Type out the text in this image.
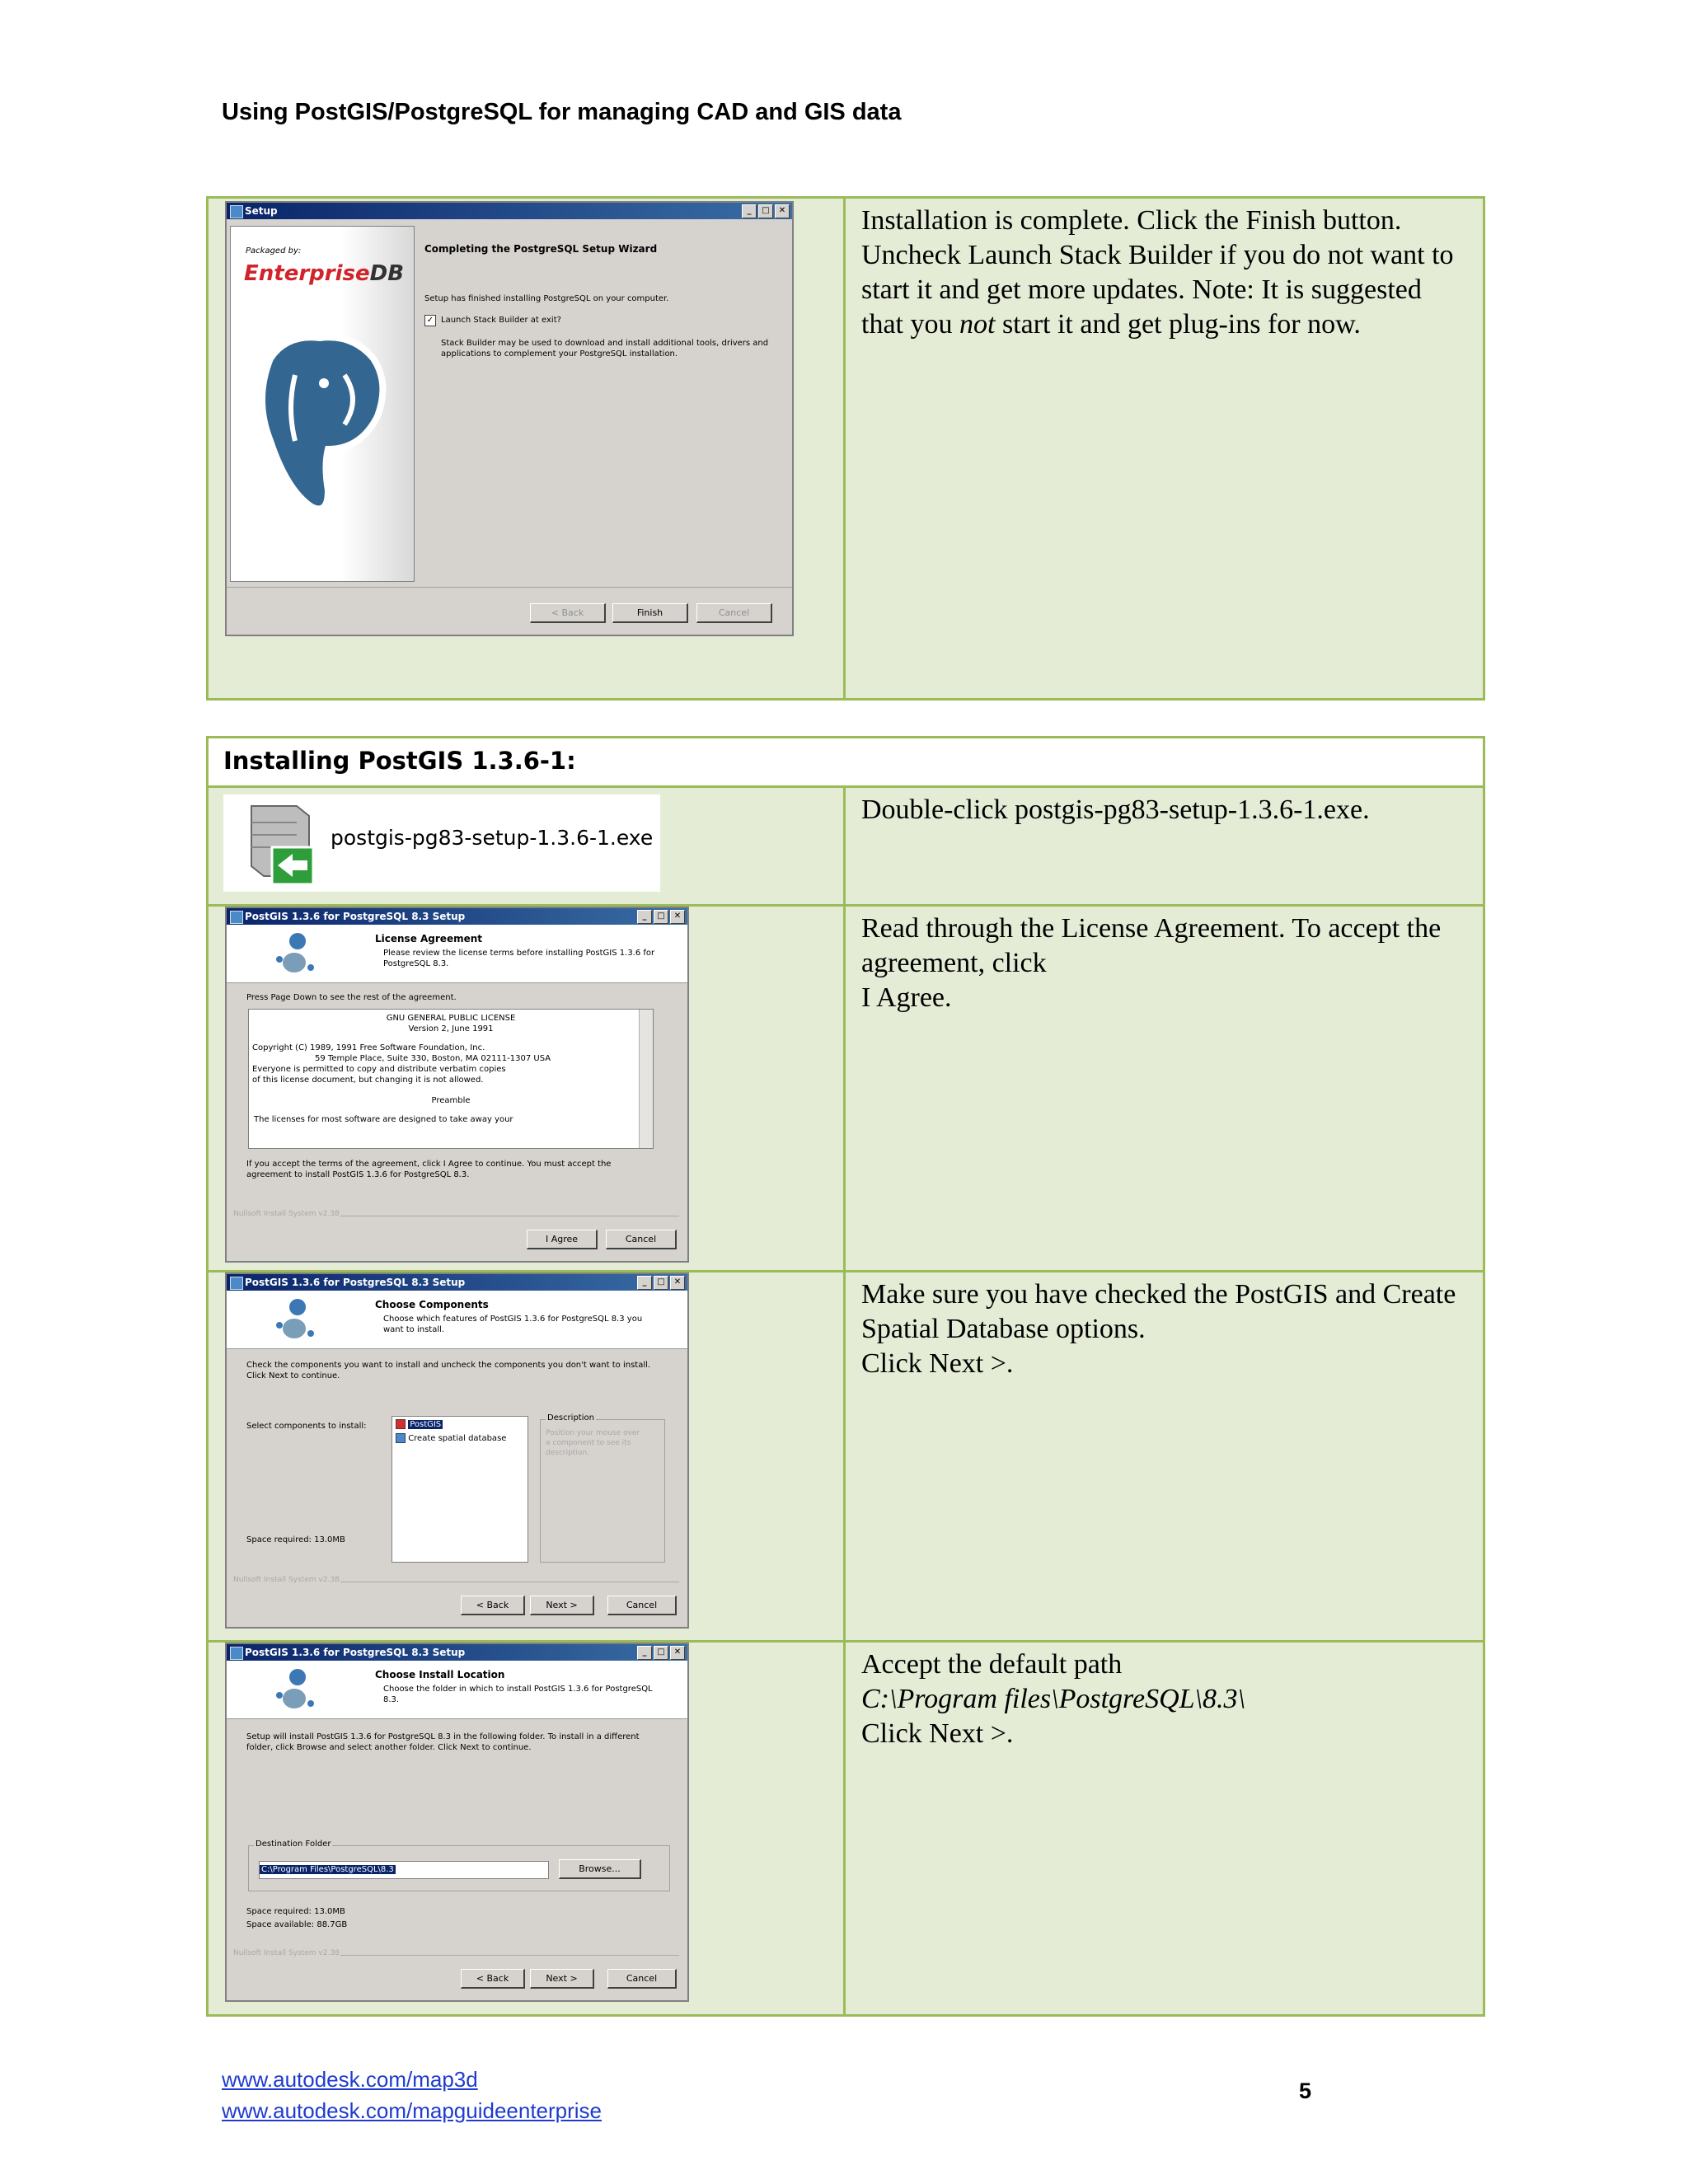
Using PostGIS/PostgreSQL for managing CAD and GIS data
Setup	_	□	✕
Packaged by:
EnterpriseDB
Completing the PostgreSQL Setup Wizard
Setup has finished installing PostgreSQL on your computer.
✓ Launch Stack Builder at exit?
Stack Builder may be used to download and install additional tools, drivers and applications to complement your PostgreSQL installation.
< Back	Finish	Cancel
Installation is complete. Click the Finish button. Uncheck Launch Stack Builder if you do not want to start it and get more updates. Note: It is suggested that you not start it and get plug-ins for now.
Installing PostGIS 1.3.6-1:
postgis-pg83-setup-1.3.6-1.exe
Double-click postgis-pg83-setup-1.3.6-1.exe.
PostGIS 1.3.6 for PostgreSQL 8.3 Setup	_	□	✕
License Agreement
Please review the license terms before installing PostGIS 1.3.6 for PostgreSQL 8.3.
Press Page Down to see the rest of the agreement.
GNU GENERAL PUBLIC LICENSE
Version 2, June 1991
Copyright (C) 1989, 1991 Free Software Foundation, Inc.
59 Temple Place, Suite 330, Boston, MA 02111-1307 USA
Everyone is permitted to copy and distribute verbatim copies
of this license document, but changing it is not allowed.
Preamble
The licenses for most software are designed to take away your
If you accept the terms of the agreement, click I Agree to continue. You must accept the agreement to install PostGIS 1.3.6 for PostgreSQL 8.3.
Nullsoft Install System v2.38
I Agree	Cancel
Read through the License Agreement. To accept the agreement, click
I Agree.
PostGIS 1.3.6 for PostgreSQL 8.3 Setup	_	□	✕
Choose Components
Choose which features of PostGIS 1.3.6 for PostgreSQL 8.3 you want to install.
Check the components you want to install and uncheck the components you don't want to install. Click Next to continue.
Select components to install:	PostGIS
Create spatial database
Description
Position your mouse over a component to see its description.
Space required: 13.0MB
Nullsoft Install System v2.38
< Back	Next >	Cancel
Make sure you have checked the PostGIS and Create Spatial Database options.
Click Next >.
PostGIS 1.3.6 for PostgreSQL 8.3 Setup	_	□	✕
Choose Install Location
Choose the folder in which to install PostGIS 1.3.6 for PostgreSQL 8.3.
Setup will install PostGIS 1.3.6 for PostgreSQL 8.3 in the following folder. To install in a different folder, click Browse and select another folder. Click Next to continue.
Destination Folder
C:\Program Files\PostgreSQL\8.3	Browse...
Space required: 13.0MB
Space available: 88.7GB
Nullsoft Install System v2.38
< Back	Next >	Cancel
Accept the default path
C:\Program files\PostgreSQL\8.3\
Click Next >.
www.autodesk.com/map3d
www.autodesk.com/mapguideenterprise
5
